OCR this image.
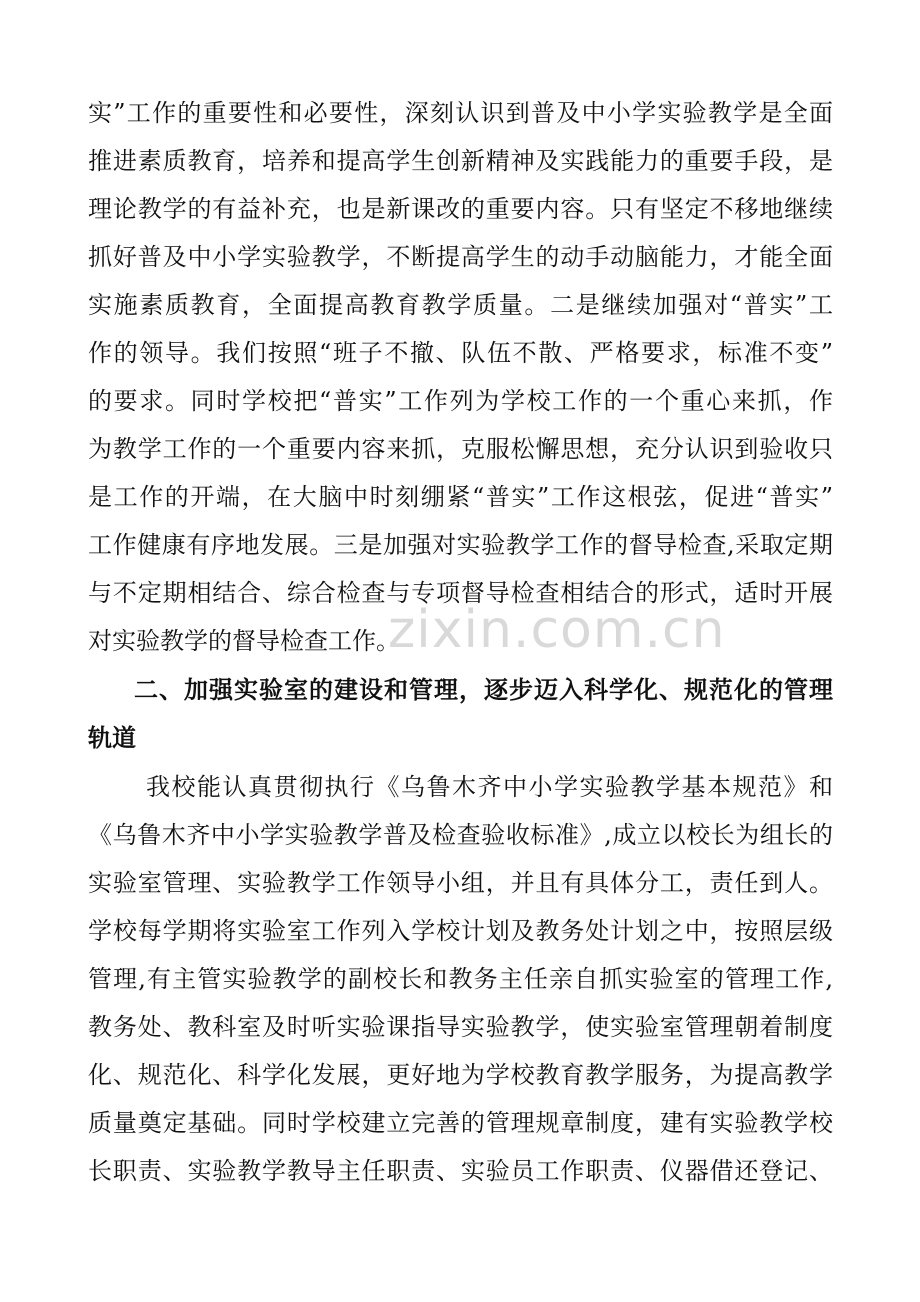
实”工作的重要性和必要性，深刻认识到普及中小学实验教学是全面
推进素质教育，培养和提高学生创新精神及实践能力的重要手段，是
理论教学的有益补充，也是新课改的重要内容。只有坚定不移地继续
抓好普及中小学实验教学，不断提高学生的动手动脑能力，才能全面
实施素质教育，全面提高教育教学质量。二是继续加强对“普实”工
作的领导。我们按照“班子不撤、队伍不散、严格要求，标准不变”
的要求。同时学校把“普实”工作列为学校工作的一个重心来抓，作
为教学工作的一个重要内容来抓，克服松懈思想，充分认识到验收只
是工作的开端，在大脑中时刻绷紧“普实”工作这根弦，促进“普实”
工作健康有序地发展。三是加强对实验教学工作的督导检查,采取定期
与不定期相结合、综合检查与专项督导检查相结合的形式，适时开展
对实验教学的督导检查工作。
zixin.com.cn
二、加强实验室的建设和管理，逐步迈入科学化、规范化的管理
轨道
我校能认真贯彻执行《乌鲁木齐中小学实验教学基本规范》和
《乌鲁木齐中小学实验教学普及检查验收标准》,成立以校长为组长的
实验室管理、实验教学工作领导小组，并且有具体分工，责任到人。
学校每学期将实验室工作列入学校计划及教务处计划之中，按照层级
管理,有主管实验教学的副校长和教务主任亲自抓实验室的管理工作,
教务处、教科室及时听实验课指导实验教学，使实验室管理朝着制度
化、规范化、科学化发展，更好地为学校教育教学服务，为提高教学
质量奠定基础。同时学校建立完善的管理规章制度，建有实验教学校
长职责、实验教学教导主任职责、实验员工作职责、仪器借还登记、
